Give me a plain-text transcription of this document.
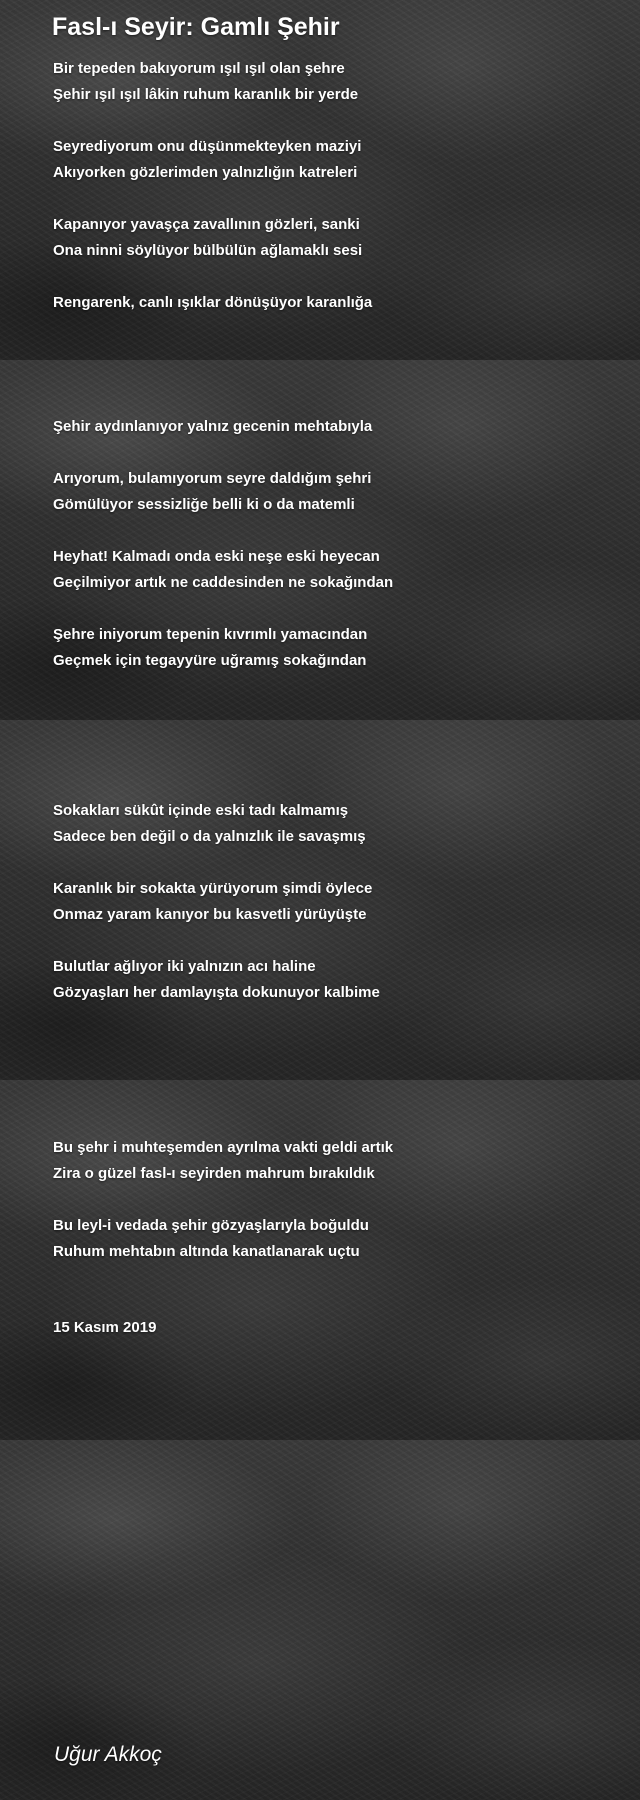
Fasl-ı Seyir: Gamlı Şehir

Bir tepeden bakıyorum ışıl ışıl olan şehre
Şehir ışıl ışıl lâkin ruhum karanlık bir yerde

Seyrediyorum onu düşünmekteyken maziyi
Akıyorken gözlerimden yalnızlığın katreleri

Kapanıyor yavaşça zavallının gözleri, sanki
Ona ninni söylüyor bülbülün ağlamaklı sesi

Rengarenk, canlı ışıklar dönüşüyor karanlığa

Şehir aydınlanıyor yalnız gecenin mehtabıyla

Arıyorum, bulamıyorum seyre daldığım şehri
Gömülüyor sessizliğe belli ki o da matemli

Heyhat! Kalmadı onda eski neşe eski heyecan
Geçilmiyor artık ne caddesinden ne sokağından

Şehre iniyorum tepenin kıvrımlı yamacından
Geçmek için tegayyüre uğramış sokağından

Sokakları sükût içinde eski tadı kalmamış
Sadece ben değil o da yalnızlık ile savaşmış

Karanlık bir sokakta yürüyorum şimdi öylece
Onmaz yaram kanıyor bu kasvetli yürüyüşte

Bulutlar ağlıyor iki yalnızın acı haline
Gözyaşları her damlayışta dokunuyor kalbime

Bu şehr i muhteşemden ayrılma vakti geldi artık
Zira o güzel fasl-ı seyirden mahrum bırakıldık

Bu leyl-i vedada şehir gözyaşlarıyla boğuldu
Ruhum mehtabın altında kanatlanarak uçtu

15 Kasım 2019
Uğur Akkoç
